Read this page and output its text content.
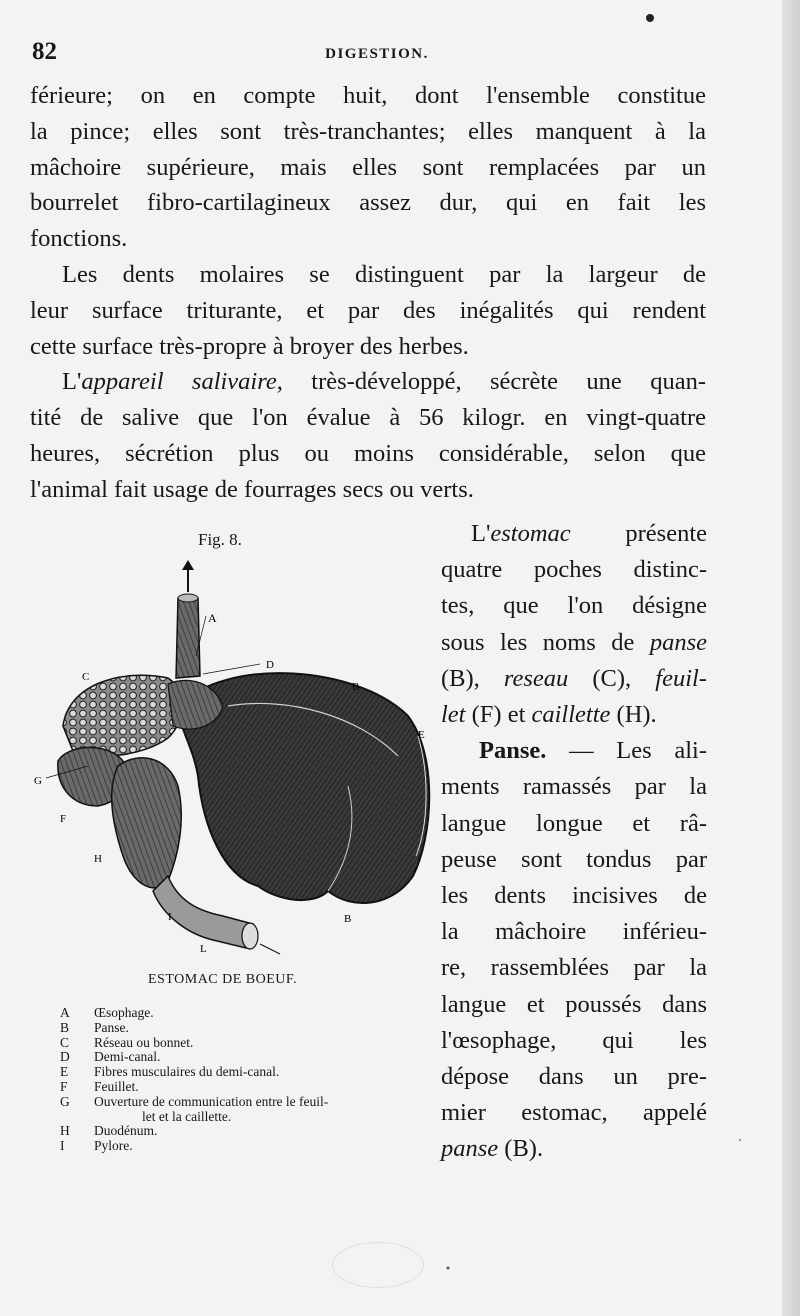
82	DIGESTION.

férieure; on en compte huit, dont l'ensemble constitue
la pince; elles sont très-tranchantes; elles manquent à la
mâchoire supérieure, mais elles sont remplacées par un
bourrelet fibro-cartilagineux assez dur, qui en fait les
fonctions.

Les dents molaires se distinguent par la largeur de
leur surface triturante, et par des inégalités qui rendent
cette surface très-propre à broyer des herbes.

L'appareil salivaire, très-développé, sécrète une quan-
tité de salive que l'on évalue à 56 kilogr. en vingt-quatre
heures, sécrétion plus ou moins considérable, selon que
l'animal fait usage de fourrages secs ou verts.

L'estomac présente
quatre poches distinc-
tes, que l'on désigne
sous les noms de panse
(B), reseau (C), feuil-
let (F) et caillette (H).
Panse. — Les ali-
ments ramassés par la
langue longue et râ-
peuse sont tondus par
les dents incisives de
la mâchoire inférieu-
re, rassemblées par la
langue et poussés dans
l'œsophage, qui les
dépose dans un pre-
mier estomac, appelé
panse (B).
Fig. 8.
A
B
B
C
D
E
F
G
H
I
L
ESTOMAC DE BOEUF.
A	Œsophage.
B	Panse.
C	Réseau ou bonnet.
D	Demi-canal.
E	Fibres musculaires du demi-canal.
F	Feuillet.
G	Ouverture de communication entre le feuil-
let et la caillette.
H	Duodénum.
I	Pylore.
